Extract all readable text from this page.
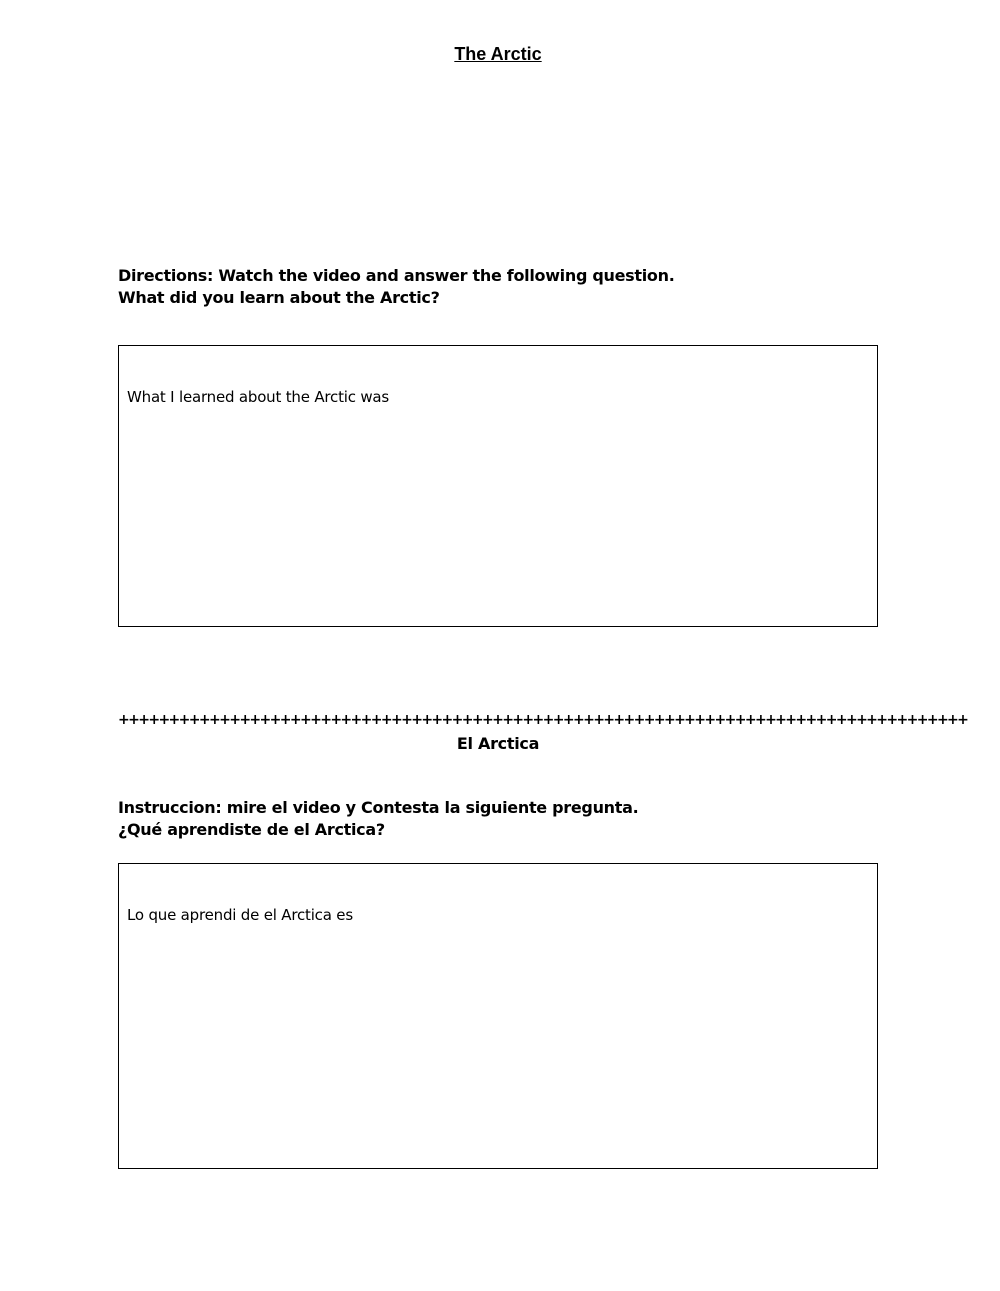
The Arctic
Directions: Watch the video and answer the following question.
What did you learn about the Arctic?
What I learned about the Arctic was
++++++++++++++++++++++++++++++++++++++++++++++++++++++++++++++++++++++++++++++++++++
El Arctica
Instruccion: mire el video y Contesta la siguiente pregunta.
¿Qué aprendiste de el Arctica?
Lo que aprendi de el Arctica es
